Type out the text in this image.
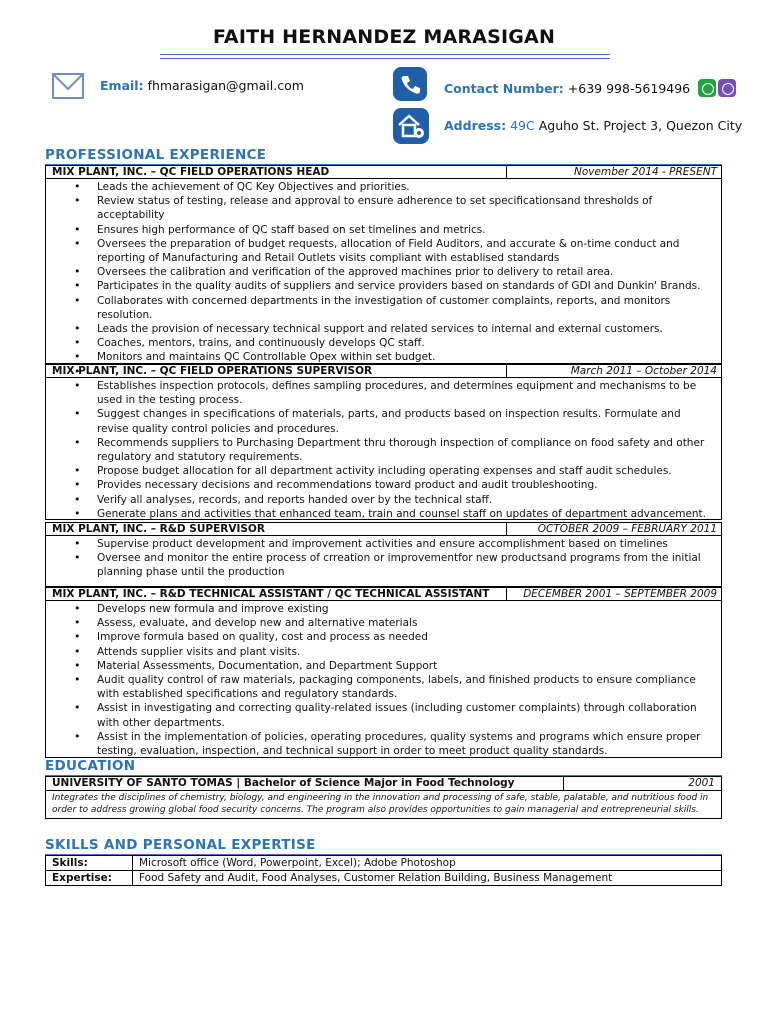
FAITH HERNANDEZ MARASIGAN
Email: fhmarasigan@gmail.com	Contact Number: +639 998-5619496
Address: 49C Aguho St. Project 3, Quezon City
PROFESSIONAL EXPERIENCE
MIX PLANT, INC. – QC FIELD OPERATIONS HEAD	November 2014 - PRESENT
• Leads the achievement of QC Key Objectives and priorities.
• Review status of testing, release and approval to ensure adherence to set specificationsand thresholds of acceptability
• Ensures high performance of QC staff based on set timelines and metrics.
• Oversees the preparation of budget requests, allocation of Field Auditors, and accurate & on-time conduct and reporting of Manufacturing and Retail Outlets visits compliant with establised standards
• Oversees the calibration and verification of the approved machines prior to delivery to retail area.
• Participates in the quality audits of suppliers and service providers based on standards of GDI and Dunkin' Brands.
• Collaborates with concerned departments in the investigation of customer complaints, reports, and monitors resolution.
• Leads the provision of necessary technical support and related services to internal and external customers.
• Coaches, mentors, trains, and continuously develops QC staff.
• Monitors and maintains QC Controllable Opex within set budget.
•
MIX PLANT, INC. – QC FIELD OPERATIONS SUPERVISOR	March 2011 – October 2014
• Establishes inspection protocols, defines sampling procedures, and determines equipment and mechanisms to be used in the testing process.
• Suggest changes in specifications of materials, parts, and products based on inspection results. Formulate and revise quality control policies and procedures.
• Recommends suppliers to Purchasing Department thru thorough inspection of compliance on food safety and other regulatory and statutory requirements.
• Propose budget allocation for all department activity including operating expenses and staff audit schedules.
• Provides necessary decisions and recommendations toward product and audit troubleshooting.
• Verify all analyses, records, and reports handed over by the technical staff.
• Generate plans and activities that enhanced team, train and counsel staff on updates of department advancement.
MIX PLANT, INC. – R&D SUPERVISOR	OCTOBER 2009 – FEBRUARY 2011
• Supervise product development and improvement activities and ensure accomplishment based on timelines
• Oversee and monitor the entire process of crreation or improvementfor new productsand programs from the initial planning phase until the production
MIX PLANT, INC. – R&D TECHNICAL ASSISTANT / QC TECHNICAL ASSISTANT	DECEMBER 2001 – SEPTEMBER 2009
• Develops new formula and improve existing
• Assess, evaluate, and develop new and alternative materials
• Improve formula based on quality, cost and process as needed
• Attends supplier visits and plant visits.
• Material Assessments, Documentation, and Department Support
• Audit quality control of raw materials, packaging components, labels, and finished products to ensure compliance with established specifications and regulatory standards.
• Assist in investigating and correcting quality-related issues (including customer complaints) through collaboration with other departments.
• Assist in the implementation of policies, operating procedures, quality systems and programs which ensure proper testing, evaluation, inspection, and technical support in order to meet product quality standards.
EDUCATION
UNIVERSITY OF SANTO TOMAS | Bachelor of Science Major in Food Technology	2001
Integrates the disciplines of chemistry, biology, and engineering in the innovation and processing of safe, stable, palatable, and nutritious food in order to address growing global food security concerns. The program also provides opportunities to gain managerial and entrepreneurial skills.
SKILLS AND PERSONAL EXPERTISE
Skills:	Microsoft office (Word, Powerpoint, Excel); Adobe Photoshop
Expertise:	Food Safety and Audit, Food Analyses, Customer Relation Building, Business Management
